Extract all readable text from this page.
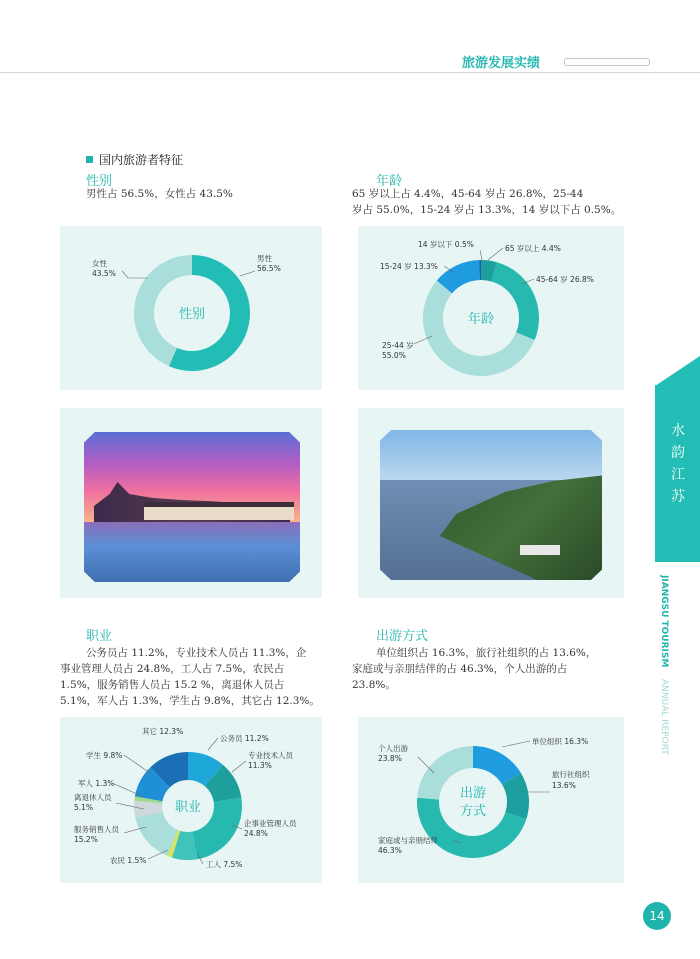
旅游发展实绩
国内旅游者特征
性别
男性占 56.5%，女性占 43.5%
年龄
65 岁以上占 4.4%，45-64 岁占 26.8%，25-44
岁占 55.0%，15-24 岁占 13.3%，14 岁以下占 0.5%。
性别
女性
43.5%
男性
56.5%
年龄
14 岁以下 0.5%	65 岁以上 4.4%
15-24 岁 13.3%
45-64 岁 26.8%
25-44 岁
55.0%
职业
公务员占 11.2%，专业技术人员占 11.3%，企
事业管理人员占 24.8%，工人占 7.5%，农民占
1.5%，服务销售人员占 15.2 %，离退休人员占
5.1%，军人占 1.3%，学生占 9.8%，其它占 12.3%。
出游方式
单位组织占 16.3%，旅行社组织的占 13.6%，
家庭或与亲朋结伴的占 46.3%，个人出游的占
23.8%。
职业
其它 12.3%
公务员 11.2%
专业技术人员
11.3%
企事业管理人员
24.8%
工人 7.5%
农民 1.5%
服务销售人员
15.2%
离退休人员
5.1%
军人 1.3%
学生 9.8%
出游
方式
单位组织 16.3%
旅行社组织
13.6%
个人出游
23.8%
家庭或与亲朋结伴
46.3%
水
韵
江
苏
JIANGSU TOURISM
ANNUAL REPORT
14
